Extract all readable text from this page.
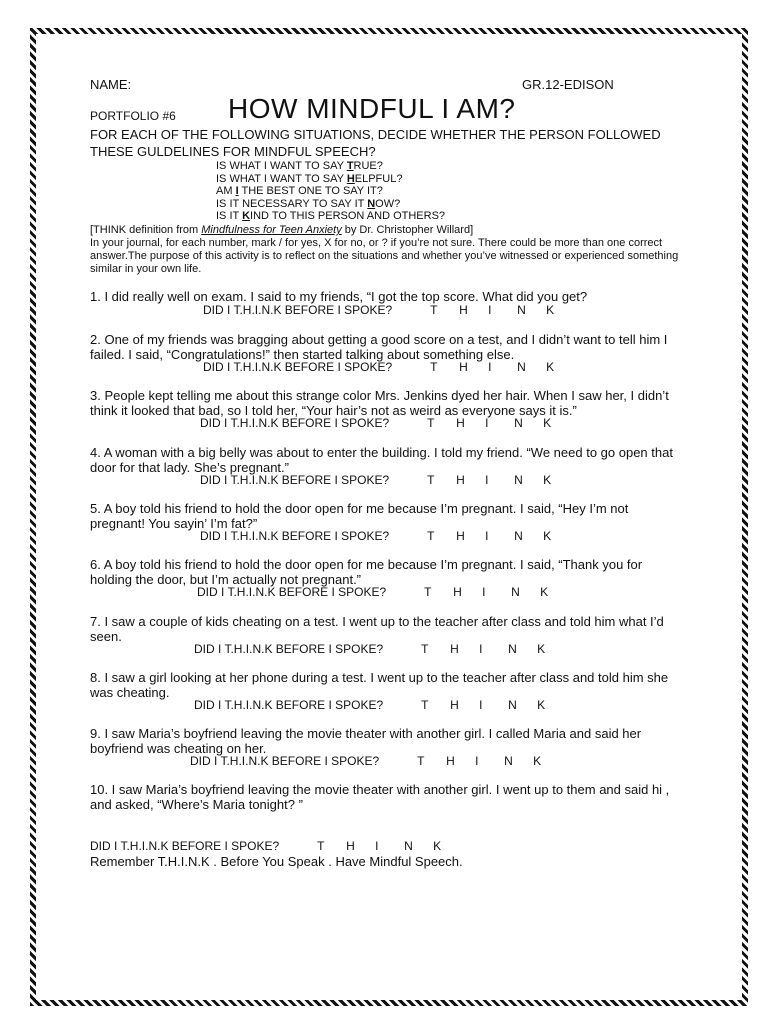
NAME:	GR.12-EDISON
PORTFOLIO #6 HOW MINDFUL I AM?
FOR EACH OF THE FOLLOWING SITUATIONS, DECIDE WHETHER THE PERSON FOLLOWED
THESE GULDELINES FOR MINDFUL SPEECH?
IS WHAT I WANT TO SAY TRUE?
IS WHAT I WANT TO SAY HELPFUL?
AM I THE BEST ONE TO SAY IT?
IS IT NECESSARY TO SAY IT NOW?
IS IT KIND TO THIS PERSON AND OTHERS?
[THINK definition from Mindfulness for Teen Anxiety by Dr. Christopher Willard]
In your journal, for each number, mark / for yes, X for no, or ? if you’re not sure. There could be more than one correct answer.The purpose of this activity is to reflect on the situations and whether you’ve witnessed or experienced something similar in your own life.
1. I did really well on exam. I said to my friends, “I got the top score. What did you get?
DID I T.H.I.N.K BEFORE I SPOKE?	T H I N K
2. One of my friends was bragging about getting a good score on a test, and I didn’t want to tell him I failed. I said, “Congratulations!” then started talking about something else.
DID I T.H.I.N.K BEFORE I SPOKE?	T H I N K
3. People kept telling me about this strange color Mrs. Jenkins dyed her hair. When I saw her, I didn’t think it looked that bad, so I told her, “Your hair’s not as weird as everyone says it is.”
DID I T.H.I.N.K BEFORE I SPOKE?	T H I N K
4. A woman with a big belly was about to enter the building. I told my friend. “We need to go open that door for that lady. She’s pregnant.”
DID I T.H.I.N.K BEFORE I SPOKE?	T H I N K
5. A boy told his friend to hold the door open for me because I’m pregnant. I said, “Hey I’m not pregnant! You sayin’ I’m fat?”
DID I T.H.I.N.K BEFORE I SPOKE?	T H I N K
6. A boy told his friend to hold the door open for me because I’m pregnant. I said, “Thank you for holding the door, but I’m actually not pregnant.”
DID I T.H.I.N.K BEFORE I SPOKE?	T H I N K
7. I saw a couple of kids cheating on a test. I went up to the teacher after class and told him what I’d seen.
DID I T.H.I.N.K BEFORE I SPOKE?	T H I N K
8. I saw a girl looking at her phone during a test. I went up to the teacher after class and told him she was cheating.
DID I T.H.I.N.K BEFORE I SPOKE?	T H I N K
9. I saw Maria’s boyfriend leaving the movie theater with another girl. I called Maria and said her boyfriend was cheating on her.
DID I T.H.I.N.K BEFORE I SPOKE?	T H I N K
10. I saw Maria’s boyfriend leaving the movie theater with another girl. I went up to them and said hi , and asked, “Where’s Maria tonight? ”
DID I T.H.I.N.K BEFORE I SPOKE?	T H I N K
Remember T.H.I.N.K . Before You Speak . Have Mindful Speech.
